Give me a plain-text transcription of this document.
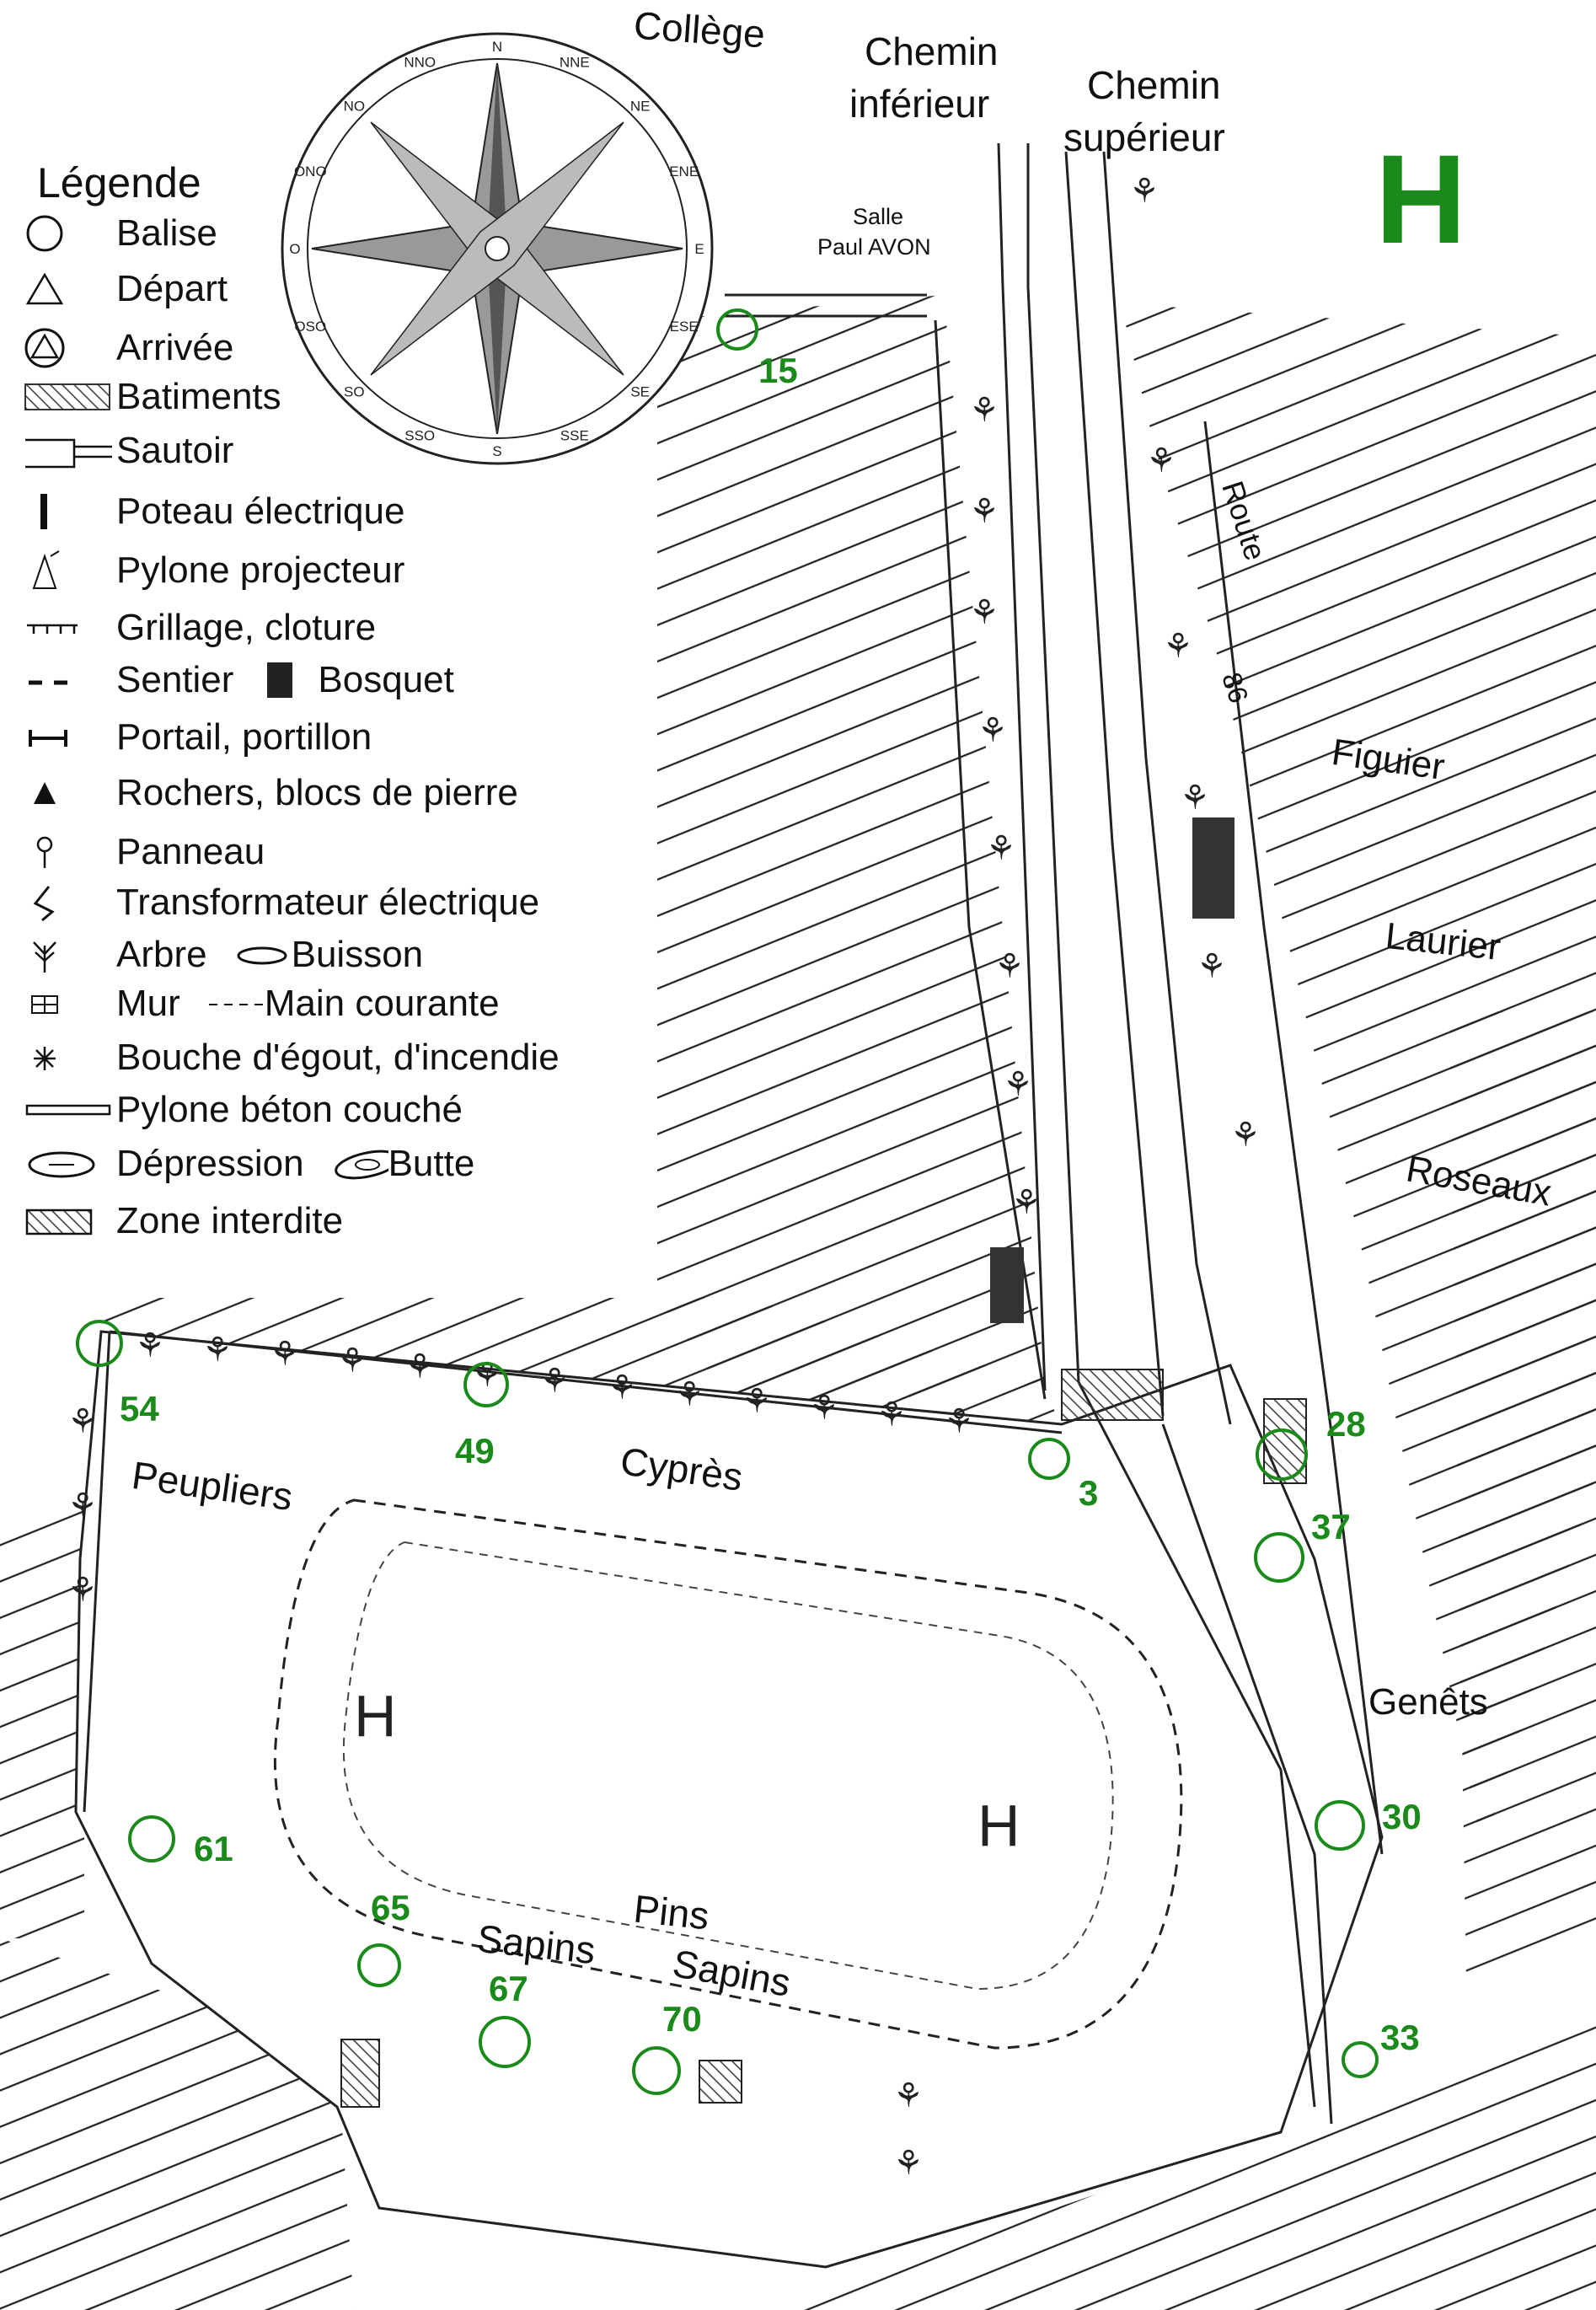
H
H
⚘ ⚘ ⚘ ⚘ ⚘ ⚘ ⚘ ⚘ ⚘ ⚘ ⚘ ⚘ ⚘
⚘
⚘
⚘
⚘
⚘
⚘
⚘
⚘
⚘
⚘
⚘
⚘
⚘
⚘
⚘
⚘
⚘
⚘
⚘
N
NNE
NE
ENE
E
ESE
SE
SSE
S
SSO
SO
OSO
O
ONO
NO
NNO
H
Collège	Chemin
inférieur	Chemin
supérieur
Salle
Paul AVON
Route
86
Figuier
Laurier
Roseaux
Genêts
Peupliers	Cyprès
Pins
Sapins Sapins
15
28
3
37
54
49
30
61
65
67
70	33
Légende
Balise
Départ
Arrivée
Batiments
Sautoir
Poteau électrique
Pylone projecteur
Grillage, cloture
Sentier Bosquet
Portail, portillon
Rochers, blocs de pierre
Panneau
Transformateur électrique
Arbre Buisson
Mur Main courante
Bouche d'égout, d'incendie
Pylone béton couché
Dépression Butte
Zone interdite
